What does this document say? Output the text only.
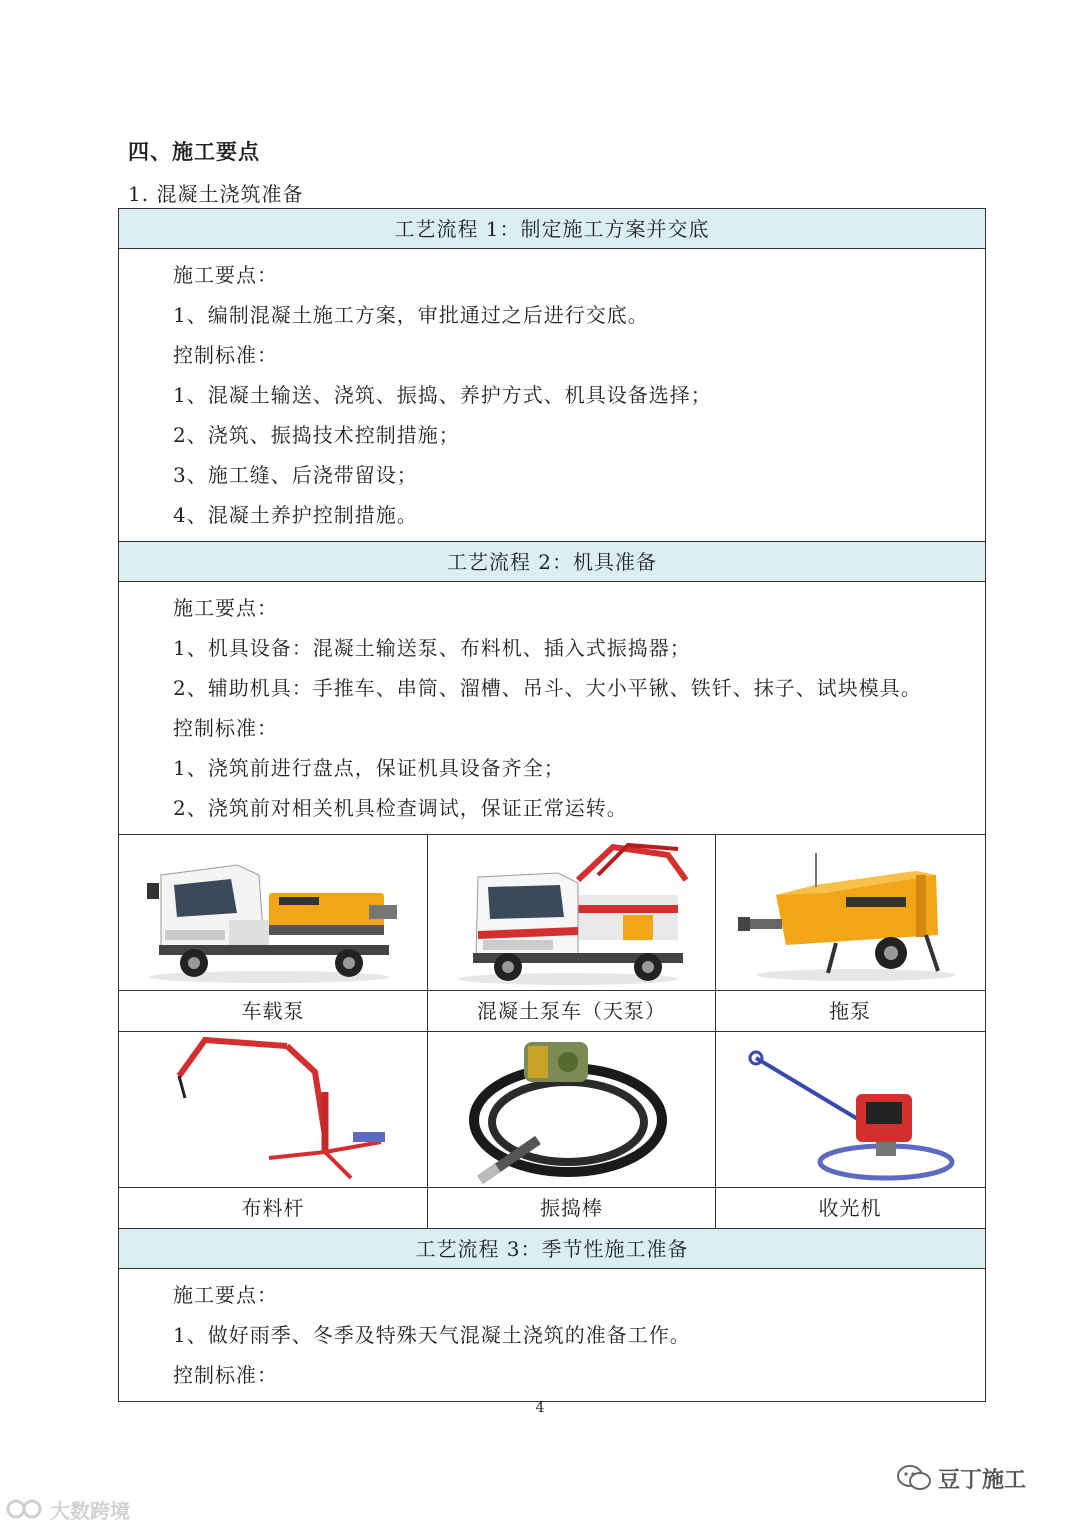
四、施工要点
1. 混凝土浇筑准备
工艺流程 1：制定施工方案并交底
施工要点：
1、编制混凝土施工方案，审批通过之后进行交底。
控制标准：
1、混凝土输送、浇筑、振捣、养护方式、机具设备选择；
2、浇筑、振捣技术控制措施；
3、施工缝、后浇带留设；
4、混凝土养护控制措施。
工艺流程 2：机具准备
施工要点：
1、机具设备：混凝土输送泵、布料机、插入式振捣器；
2、辅助机具：手推车、串筒、溜槽、吊斗、大小平锹、铁钎、抹子、试块模具。
控制标准：
1、浇筑前进行盘点，保证机具设备齐全；
2、浇筑前对相关机具检查调试，保证正常运转。
车载泵	混凝土泵车（天泵）	拖泵
布料杆	振捣棒	收光机
工艺流程 3：季节性施工准备
施工要点：
1、做好雨季、冬季及特殊天气混凝土浇筑的准备工作。
控制标准：
4
豆丁施工
大数跨境
